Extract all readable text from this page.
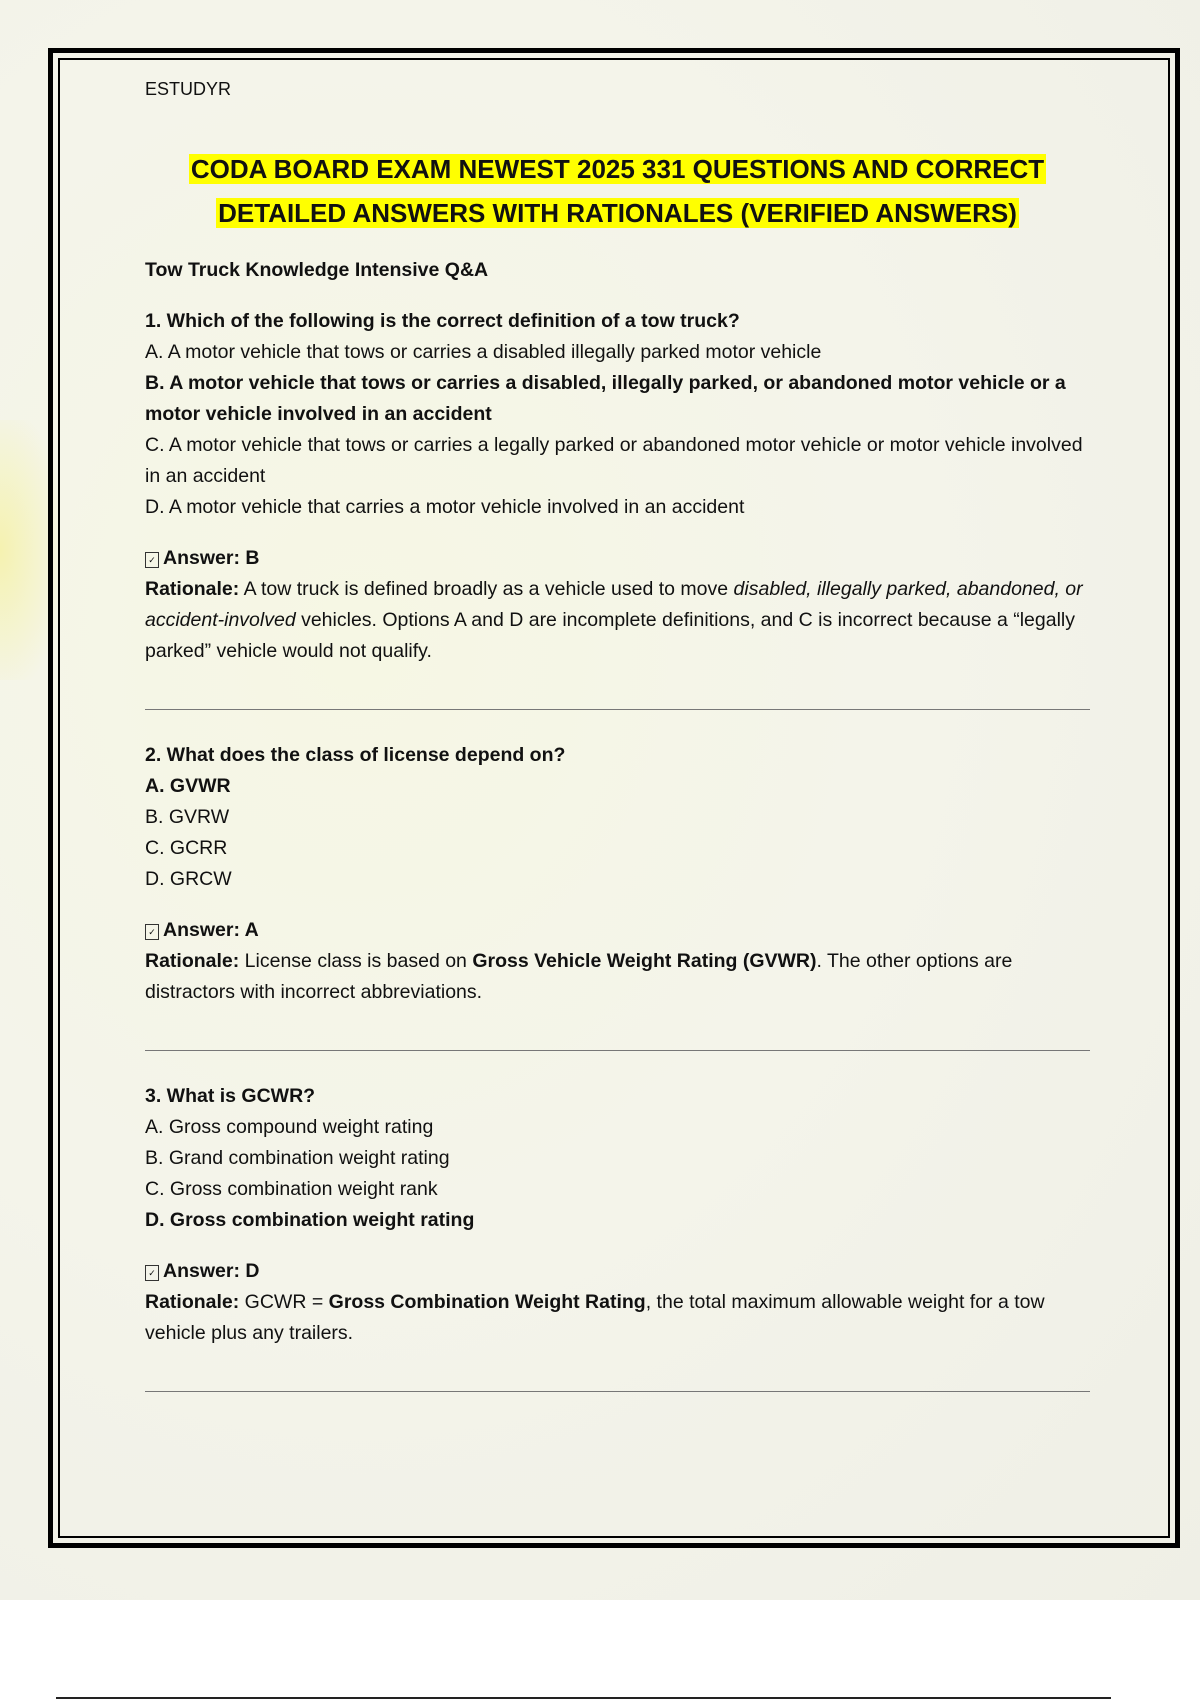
ESTUDYR
CODA BOARD EXAM NEWEST 2025 331 QUESTIONS AND CORRECT
DETAILED ANSWERS WITH RATIONALES (VERIFIED ANSWERS)
Tow Truck Knowledge Intensive Q&A
1. Which of the following is the correct definition of a tow truck?
A. A motor vehicle that tows or carries a disabled illegally parked motor vehicle
B. A motor vehicle that tows or carries a disabled, illegally parked, or abandoned motor vehicle or a motor vehicle involved in an accident
C. A motor vehicle that tows or carries a legally parked or abandoned motor vehicle or motor vehicle involved in an accident
D. A motor vehicle that carries a motor vehicle involved in an accident
✓ Answer: B
Rationale: A tow truck is defined broadly as a vehicle used to move disabled, illegally parked, abandoned, or accident-involved vehicles. Options A and D are incomplete definitions, and C is incorrect because a “legally parked” vehicle would not qualify.
2. What does the class of license depend on?
A. GVWR
B. GVRW
C. GCRR
D. GRCW
✓ Answer: A
Rationale: License class is based on Gross Vehicle Weight Rating (GVWR). The other options are distractors with incorrect abbreviations.
3. What is GCWR?
A. Gross compound weight rating
B. Grand combination weight rating
C. Gross combination weight rank
D. Gross combination weight rating
✓ Answer: D
Rationale: GCWR = Gross Combination Weight Rating, the total maximum allowable weight for a tow vehicle plus any trailers.
